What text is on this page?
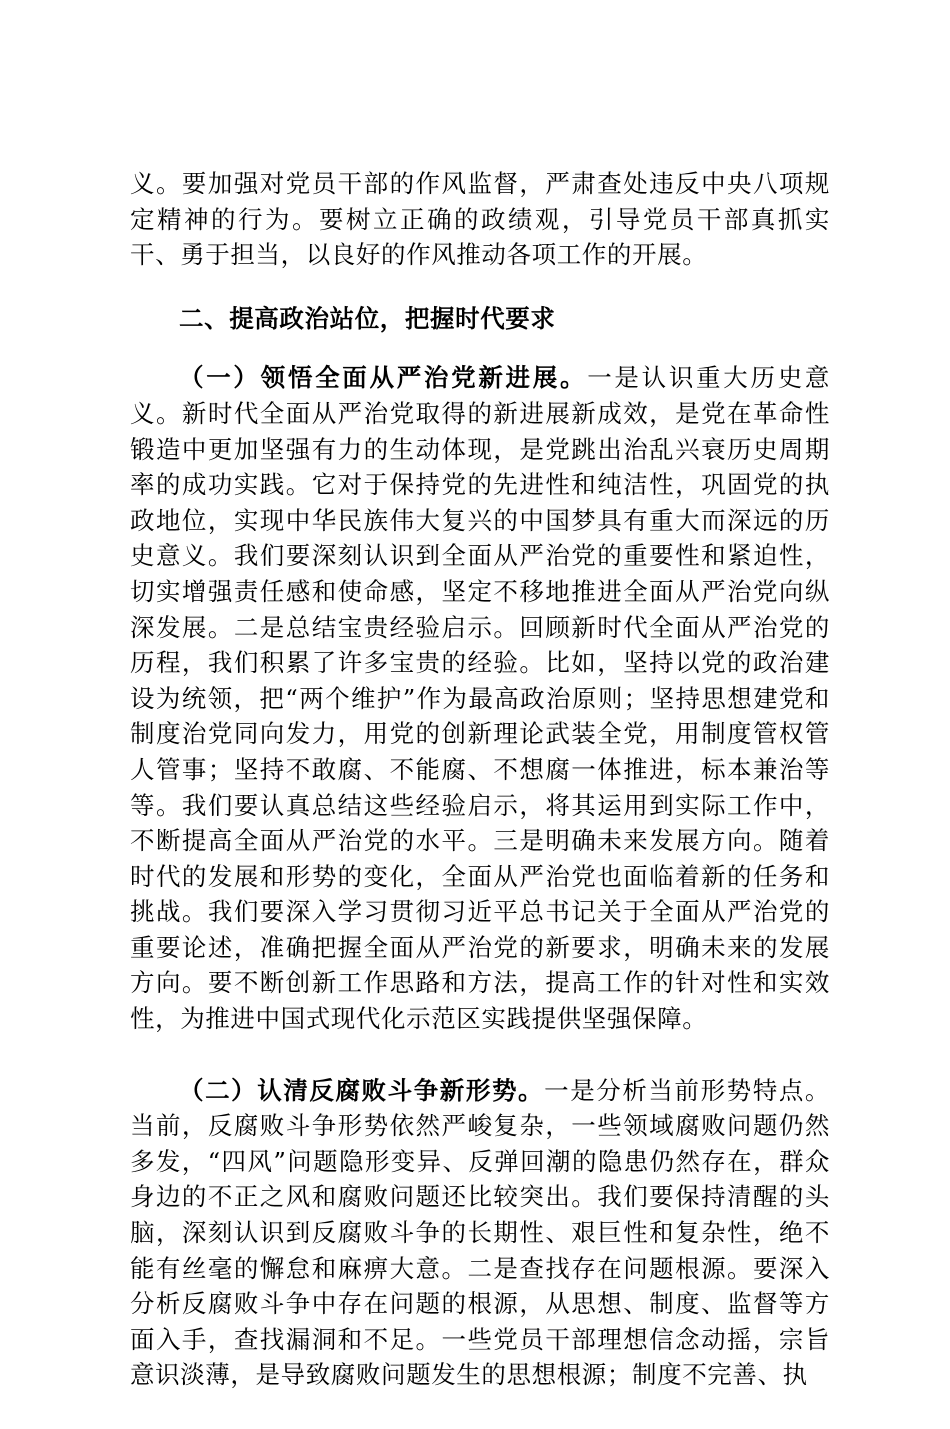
义。要加强对党员干部的作风监督，严肃查处违反中央八项规定精神的行为。要树立正确的政绩观，引导党员干部真抓实干、勇于担当，以良好的作风推动各项工作的开展。

二、提高政治站位，把握时代要求

（一）领悟全面从严治党新进展。一是认识重大历史意义。新时代全面从严治党取得的新进展新成效，是党在革命性锻造中更加坚强有力的生动体现，是党跳出治乱兴衰历史周期率的成功实践。它对于保持党的先进性和纯洁性，巩固党的执政地位，实现中华民族伟大复兴的中国梦具有重大而深远的历史意义。我们要深刻认识到全面从严治党的重要性和紧迫性，切实增强责任感和使命感，坚定不移地推进全面从严治党向纵深发展。二是总结宝贵经验启示。回顾新时代全面从严治党的历程，我们积累了许多宝贵的经验。比如，坚持以党的政治建设为统领，把“两个维护”作为最高政治原则；坚持思想建党和制度治党同向发力，用党的创新理论武装全党，用制度管权管人管事；坚持不敢腐、不能腐、不想腐一体推进，标本兼治等等。我们要认真总结这些经验启示，将其运用到实际工作中，不断提高全面从严治党的水平。三是明确未来发展方向。随着时代的发展和形势的变化，全面从严治党也面临着新的任务和挑战。我们要深入学习贯彻习近平总书记关于全面从严治党的重要论述，准确把握全面从严治党的新要求，明确未来的发展方向。要不断创新工作思路和方法，提高工作的针对性和实效性，为推进中国式现代化示范区实践提供坚强保障。

（二）认清反腐败斗争新形势。一是分析当前形势特点。当前，反腐败斗争形势依然严峻复杂，一些领域腐败问题仍然多发，“四风”问题隐形变异、反弹回潮的隐患仍然存在，群众身边的不正之风和腐败问题还比较突出。我们要保持清醒的头脑，深刻认识到反腐败斗争的长期性、艰巨性和复杂性，绝不能有丝毫的懈怠和麻痹大意。二是查找存在问题根源。要深入分析反腐败斗争中存在问题的根源，从思想、制度、监督等方面入手，查找漏洞和不足。一些党员干部理想信念动摇，宗旨意识淡薄，是导致腐败问题发生的思想根源；制度不完善、执
